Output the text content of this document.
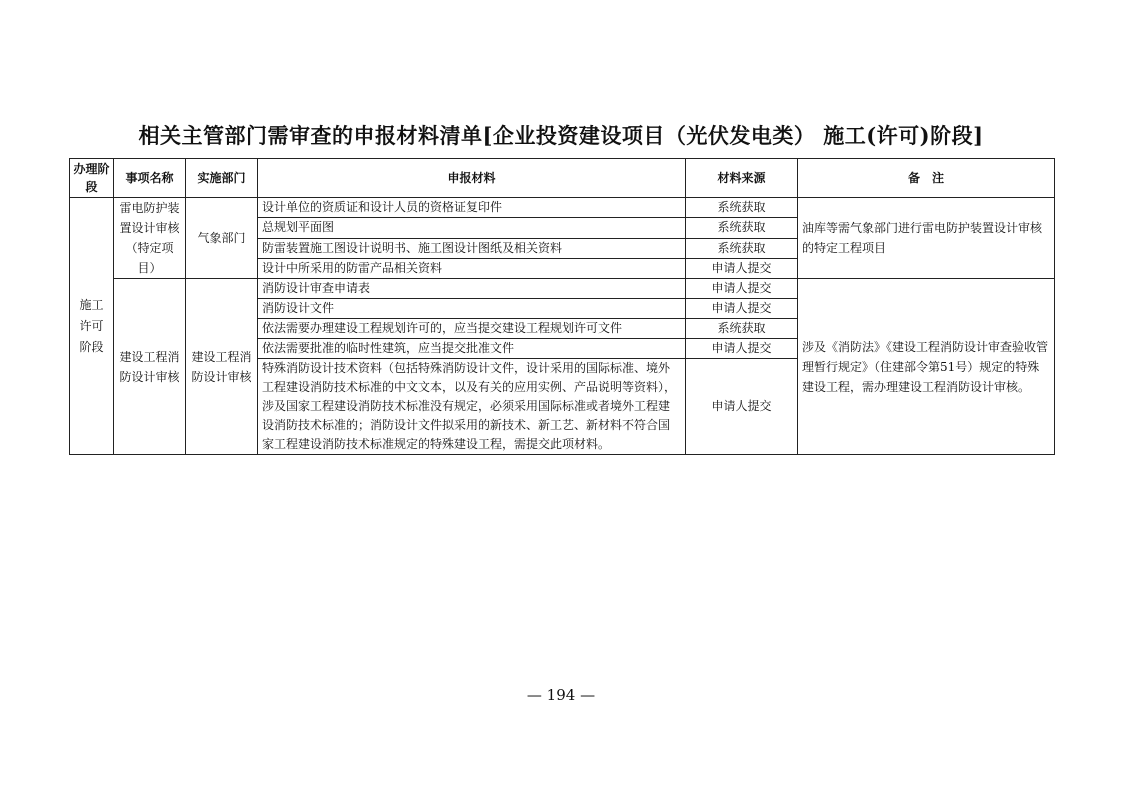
相关主管部门需审查的申报材料清单[企业投资建设项目（光伏发电类） 施工(许可)阶段]
办理阶段	事项名称	实施部门	申报材料	材料来源	备　注
施工许可阶段	雷电防护装置设计审核（特定项目）	气象部门	设计单位的资质证和设计人员的资格证复印件	系统获取	油库等需气象部门进行雷电防护装置设计审核的特定工程项目
			总规划平面图	系统获取	
			防雷装置施工图设计说明书、施工图设计图纸及相关资料	系统获取	
			设计中所采用的防雷产品相关资料	申请人提交	
	建设工程消防设计审核	建设工程消防设计审核	消防设计审查申请表	申请人提交	涉及《消防法》《建设工程消防设计审查验收管理暂行规定》（住建部令第51号）规定的特殊建设工程，需办理建设工程消防设计审核。
			消防设计文件	申请人提交	
			依法需要办理建设工程规划许可的，应当提交建设工程规划许可文件	系统获取	
			依法需要批准的临时性建筑，应当提交批准文件	申请人提交	
			特殊消防设计技术资料（包括特殊消防设计文件，设计采用的国际标准、境外工程建设消防技术标准的中文文本，以及有关的应用实例、产品说明等资料），涉及国家工程建设消防技术标准没有规定，必须采用国际标准或者境外工程建设消防技术标准的；消防设计文件拟采用的新技术、新工艺、新材料不符合国家工程建设消防技术标准规定的特殊建设工程，需提交此项材料。	申请人提交	
— 194 —
